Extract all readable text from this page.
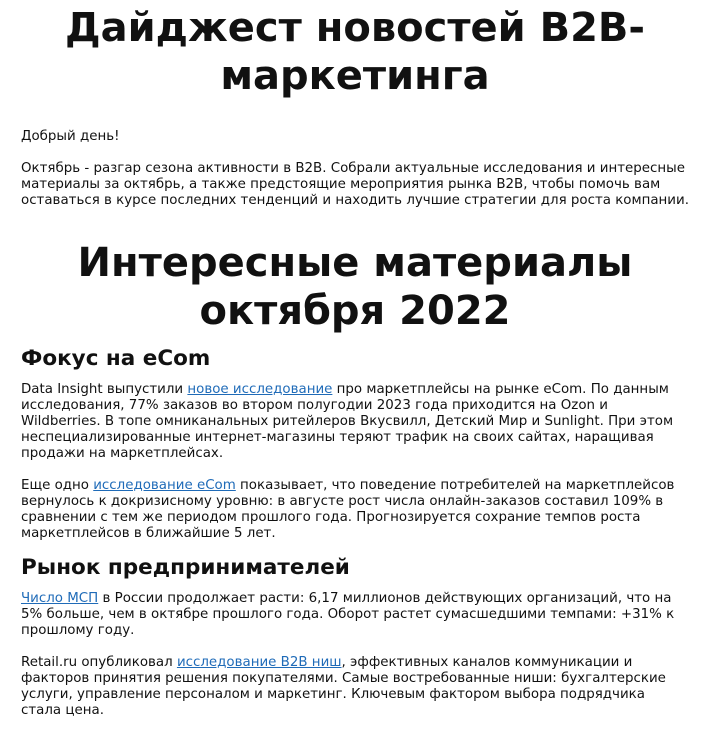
Дайджест новостей B2B-маркетинга

Добрый день!

Октябрь - разгар сезона активности в B2B. Собрали актуальные исследования и интересные материалы за октябрь, а также предстоящие мероприятия рынка B2B, чтобы помочь вам оставаться в курсе последних тенденций и находить лучшие стратегии для роста компании.

Интересные материалы октября 2022
Фокус на eCom

Data Insight выпустили новое исследование про маркетплейсы на рынке eCom. По данным исследования, 77% заказов во втором полугодии 2023 года приходится на Ozon и Wildberries. В топе омниканальных ритейлеров Вкусвилл, Детский Мир и Sunlight. При этом неспециализированные интернет-магазины теряют трафик на своих сайтах, наращивая продажи на маркетплейсах.

Еще одно исследование eCom показывает, что поведение потребителей на маркетплейсов вернулось к докризисному уровню: в августе рост числа онлайн-заказов составил 109% в сравнении с тем же периодом прошлого года. Прогнозируется сохрание темпов роста маркетплейсов в ближайшие 5 лет.

Рынок предпринимателей

Число МСП в России продолжает расти: 6,17 миллионов действующих организаций, что на 5% больше, чем в октябре прошлого года. Оборот растет сумасшедшими темпами: +31% к прошлому году.

Retail.ru опубликовал исследование B2B ниш, эффективных каналов коммуникации и факторов принятия решения покупателями. Самые востребованные ниши: бухгалтерские услуги, управление персоналом и маркетинг. Ключевым фактором выбора подрядчика стала цена.
